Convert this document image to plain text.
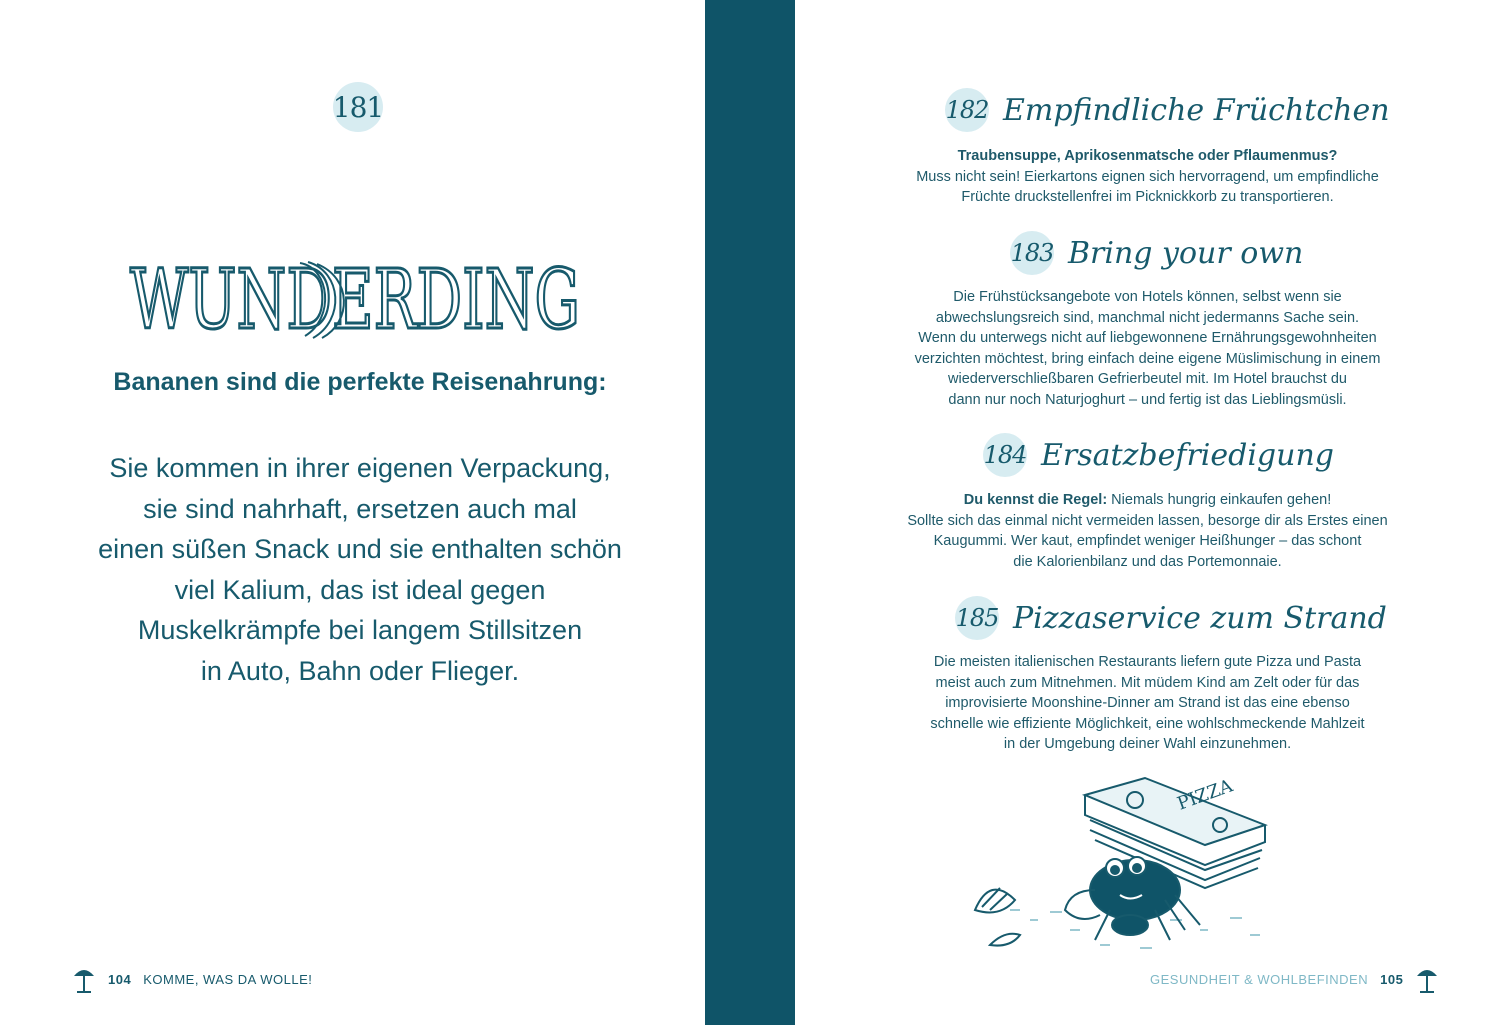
181
WUNDERDING
Bananen sind die perfekte Reisenahrung:
Sie kommen in ihrer eigenen Verpackung,
sie sind nahrhaft, ersetzen auch mal
einen süßen Snack und sie enthalten schön
viel Kalium, das ist ideal gegen
Muskelkrämpfe bei langem Stillsitzen
in Auto, Bahn oder Flieger.
104 KOMME, WAS DA WOLLE!
182 Empfindliche Früchtchen
Traubensuppe, Aprikosenmatsche oder Pflaumenmus?
Muss nicht sein! Eierkartons eignen sich hervorragend, um empfindliche
Früchte druckstellenfrei im Picknickkorb zu transportieren.
183 Bring your own
Die Frühstücksangebote von Hotels können, selbst wenn sie
abwechslungsreich sind, manchmal nicht jedermanns Sache sein.
Wenn du unterwegs nicht auf liebgewonnene Ernährungsgewohnheiten
verzichten möchtest, bring einfach deine eigene Müslimischung in einem
wiederverschließbaren Gefrierbeutel mit. Im Hotel brauchst du
dann nur noch Naturjoghurt – und fertig ist das Lieblingsmüsli.
184 Ersatzbefriedigung
Du kennst die Regel: Niemals hungrig einkaufen gehen!
Sollte sich das einmal nicht vermeiden lassen, besorge dir als Erstes einen
Kaugummi. Wer kaut, empfindet weniger Heißhunger – das schont
die Kalorienbilanz und das Portemonnaie.
185 Pizzaservice zum Strand
Die meisten italienischen Restaurants liefern gute Pizza und Pasta
meist auch zum Mitnehmen. Mit müdem Kind am Zelt oder für das
improvisierte Moonshine-Dinner am Strand ist das eine ebenso
schnelle wie effiziente Möglichkeit, eine wohlschmeckende Mahlzeit
in der Umgebung deiner Wahl einzunehmen.
PIZZA
GESUNDHEIT & WOHLBEFINDEN 105
